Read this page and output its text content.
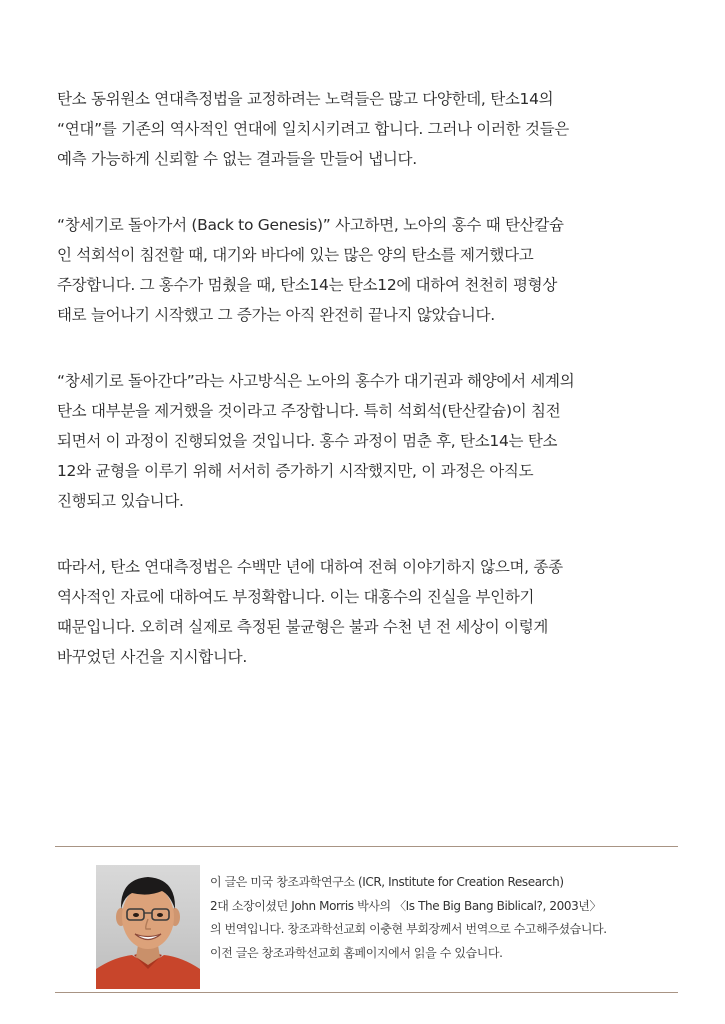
탄소 동위원소 연대측정법을 교정하려는 노력들은 많고 다양한데, 탄소14의
“연대”를 기존의 역사적인 연대에 일치시키려고 합니다. 그러나 이러한 것들은
예측 가능하게 신뢰할 수 없는 결과들을 만들어 냅니다.

“창세기로 돌아가서 (Back to Genesis)” 사고하면, 노아의 홍수 때 탄산칼슘
인 석회석이 침전할 때, 대기와 바다에 있는 많은 양의 탄소를 제거했다고
주장합니다. 그 홍수가 멈췄을 때, 탄소14는 탄소12에 대하여 천천히 평형상
태로 늘어나기 시작했고 그 증가는 아직 완전히 끝나지 않았습니다.

“창세기로 돌아간다”라는 사고방식은 노아의 홍수가 대기권과 해양에서 세계의
탄소 대부분을 제거했을 것이라고 주장합니다. 특히 석회석(탄산칼슘)이 침전
되면서 이 과정이 진행되었을 것입니다. 홍수 과정이 멈춘 후, 탄소14는 탄소
12와 균형을 이루기 위해 서서히 증가하기 시작했지만, 이 과정은 아직도
진행되고 있습니다.

따라서, 탄소 연대측정법은 수백만 년에 대하여 전혀 이야기하지 않으며, 종종
역사적인 자료에 대하여도 부정확합니다. 이는 대홍수의 진실을 부인하기
때문입니다. 오히려 실제로 측정된 불균형은 불과 수천 년 전 세상이 이렇게
바꾸었던 사건을 지시합니다.

이 글은 미국 창조과학연구소 (ICR, Institute for Creation Research)
2대 소장이셨던 John Morris 박사의 〈Is The Big Bang Biblical?, 2003년〉
의 번역입니다. 창조과학선교회 이충현 부회장께서 번역으로 수고해주셨습니다.
이전 글은 창조과학선교회 홈페이지에서 읽을 수 있습니다.
